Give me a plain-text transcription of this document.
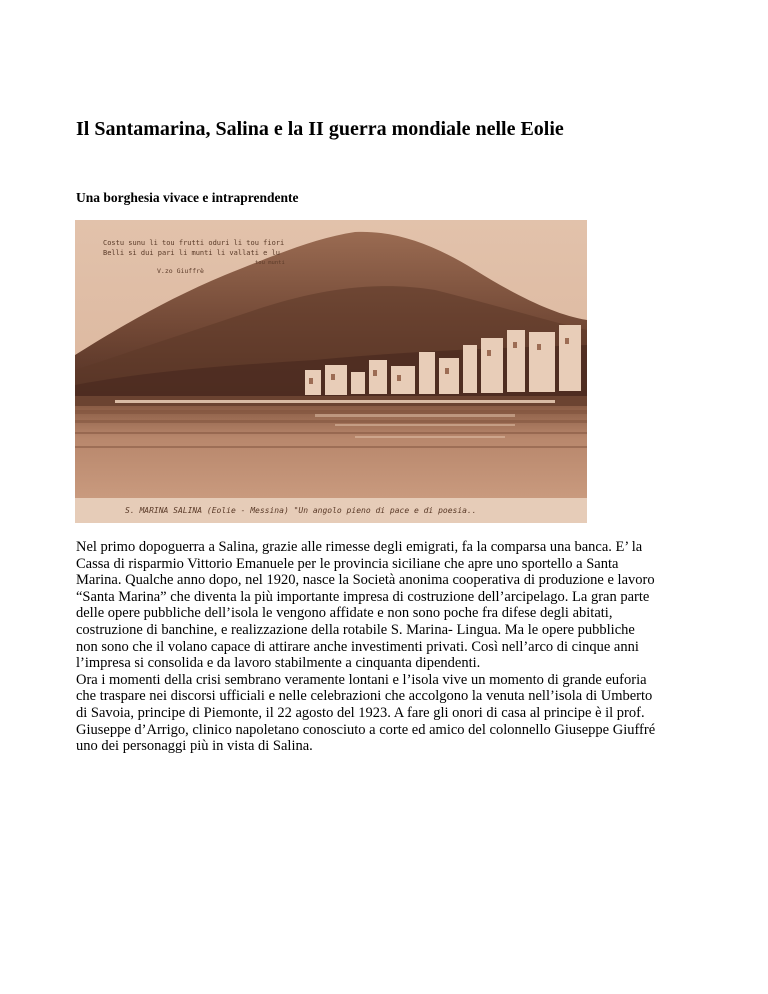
Il Santamarina, Salina e la II guerra mondiale nelle Eolie
Una borghesia vivace e intraprendente
Costu sunu li tou frutti oduri li tou fiori
Belli sì dui pari li munti li vallati e lu
tou munti
V.zo Giuffrè
S. MARINA SALINA (Eolie - Messina) "Un angolo pieno di pace e di poesia..

Nel primo dopoguerra a Salina, grazie alle rimesse degli emigrati, fa la comparsa una banca. E’ la
Cassa di risparmio Vittorio Emanuele per le provincia siciliane che apre uno sportello a Santa
Marina. Qualche anno dopo, nel 1920, nasce la Società anonima cooperativa di produzione e lavoro
“Santa Marina” che diventa la più importante impresa di costruzione dell’arcipelago. La gran parte
delle opere pubbliche dell’isola le vengono affidate e non sono poche fra difese degli abitati,
costruzione di banchine, e realizzazione della rotabile S. Marina- Lingua. Ma le opere pubbliche
non sono che il volano capace di attirare anche investimenti privati. Così nell’arco di cinque anni
l’impresa si consolida e da lavoro stabilmente a cinquanta dipendenti.
Ora i momenti della crisi sembrano veramente lontani e l’isola vive un momento di grande euforia
che traspare nei discorsi ufficiali e nelle celebrazioni che accolgono la venuta nell’isola di Umberto
di Savoia, principe di Piemonte, il 22 agosto del 1923. A fare gli onori di casa al principe è il prof.
Giuseppe d’Arrigo, clinico napoletano conosciuto a corte ed amico del colonnello Giuseppe Giuffré
uno dei personaggi più in vista di Salina.
